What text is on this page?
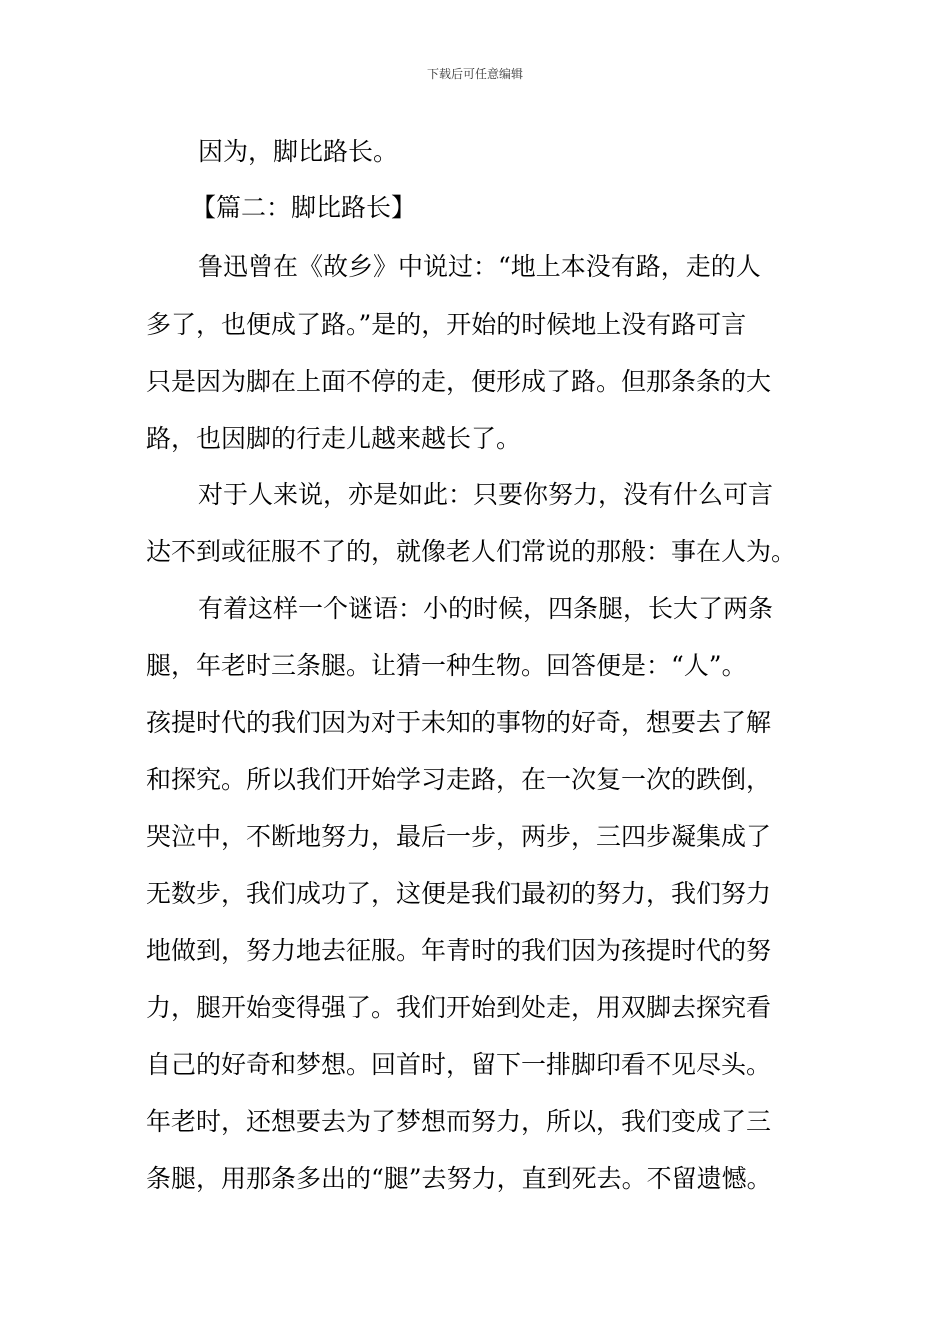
下载后可任意编辑
因为，脚比路长。
【篇二：脚比路长】
鲁迅曾在《故乡》中说过：“地上本没有路，走的人
多了，也便成了路。”是的，开始的时候地上没有路可言
只是因为脚在上面不停的走，便形成了路。但那条条的大
路，也因脚的行走儿越来越长了。
对于人来说，亦是如此：只要你努力，没有什么可言
达不到或征服不了的，就像老人们常说的那般：事在人为。
有着这样一个谜语：小的时候，四条腿，长大了两条
腿，年老时三条腿。让猜一种生物。回答便是：“人”。
孩提时代的我们因为对于未知的事物的好奇，想要去了解
和探究。所以我们开始学习走路，在一次复一次的跌倒，
哭泣中，不断地努力，最后一步，两步，三四步凝集成了
无数步，我们成功了，这便是我们最初的努力，我们努力
地做到，努力地去征服。年青时的我们因为孩提时代的努
力，腿开始变得强了。我们开始到处走，用双脚去探究看
自己的好奇和梦想。回首时，留下一排脚印看不见尽头。
年老时，还想要去为了梦想而努力，所以，我们变成了三
条腿，用那条多出的“腿”去努力，直到死去。不留遗憾。
